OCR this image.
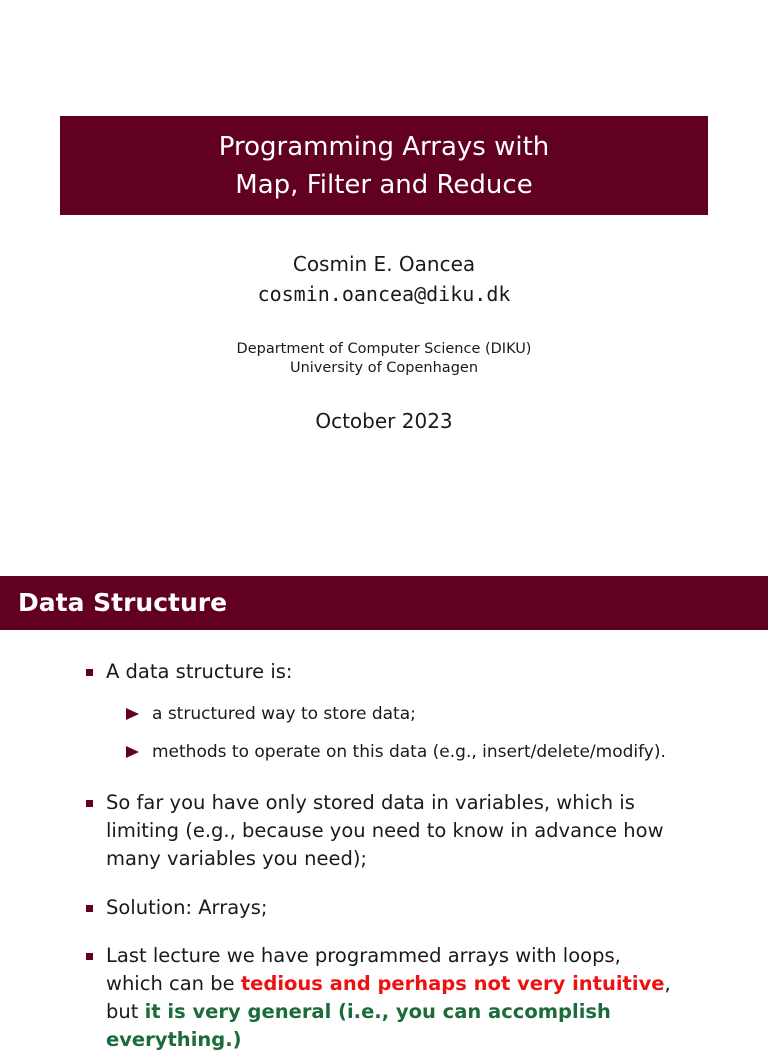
Programming Arrays with
Map, Filter and Reduce
Cosmin E. Oancea
cosmin.oancea@diku.dk
Department of Computer Science (DIKU)
University of Copenhagen
October 2023
Data Structure
A data structure is:
a structured way to store data;
methods to operate on this data (e.g., insert/delete/modify).
So far you have only stored data in variables, which is
limiting (e.g., because you need to know in advance how
many variables you need);
Solution: Arrays;
Last lecture we have programmed arrays with loops,
which can be tedious and perhaps not very intuitive,
but it is very general (i.e., you can accomplish everything.)
